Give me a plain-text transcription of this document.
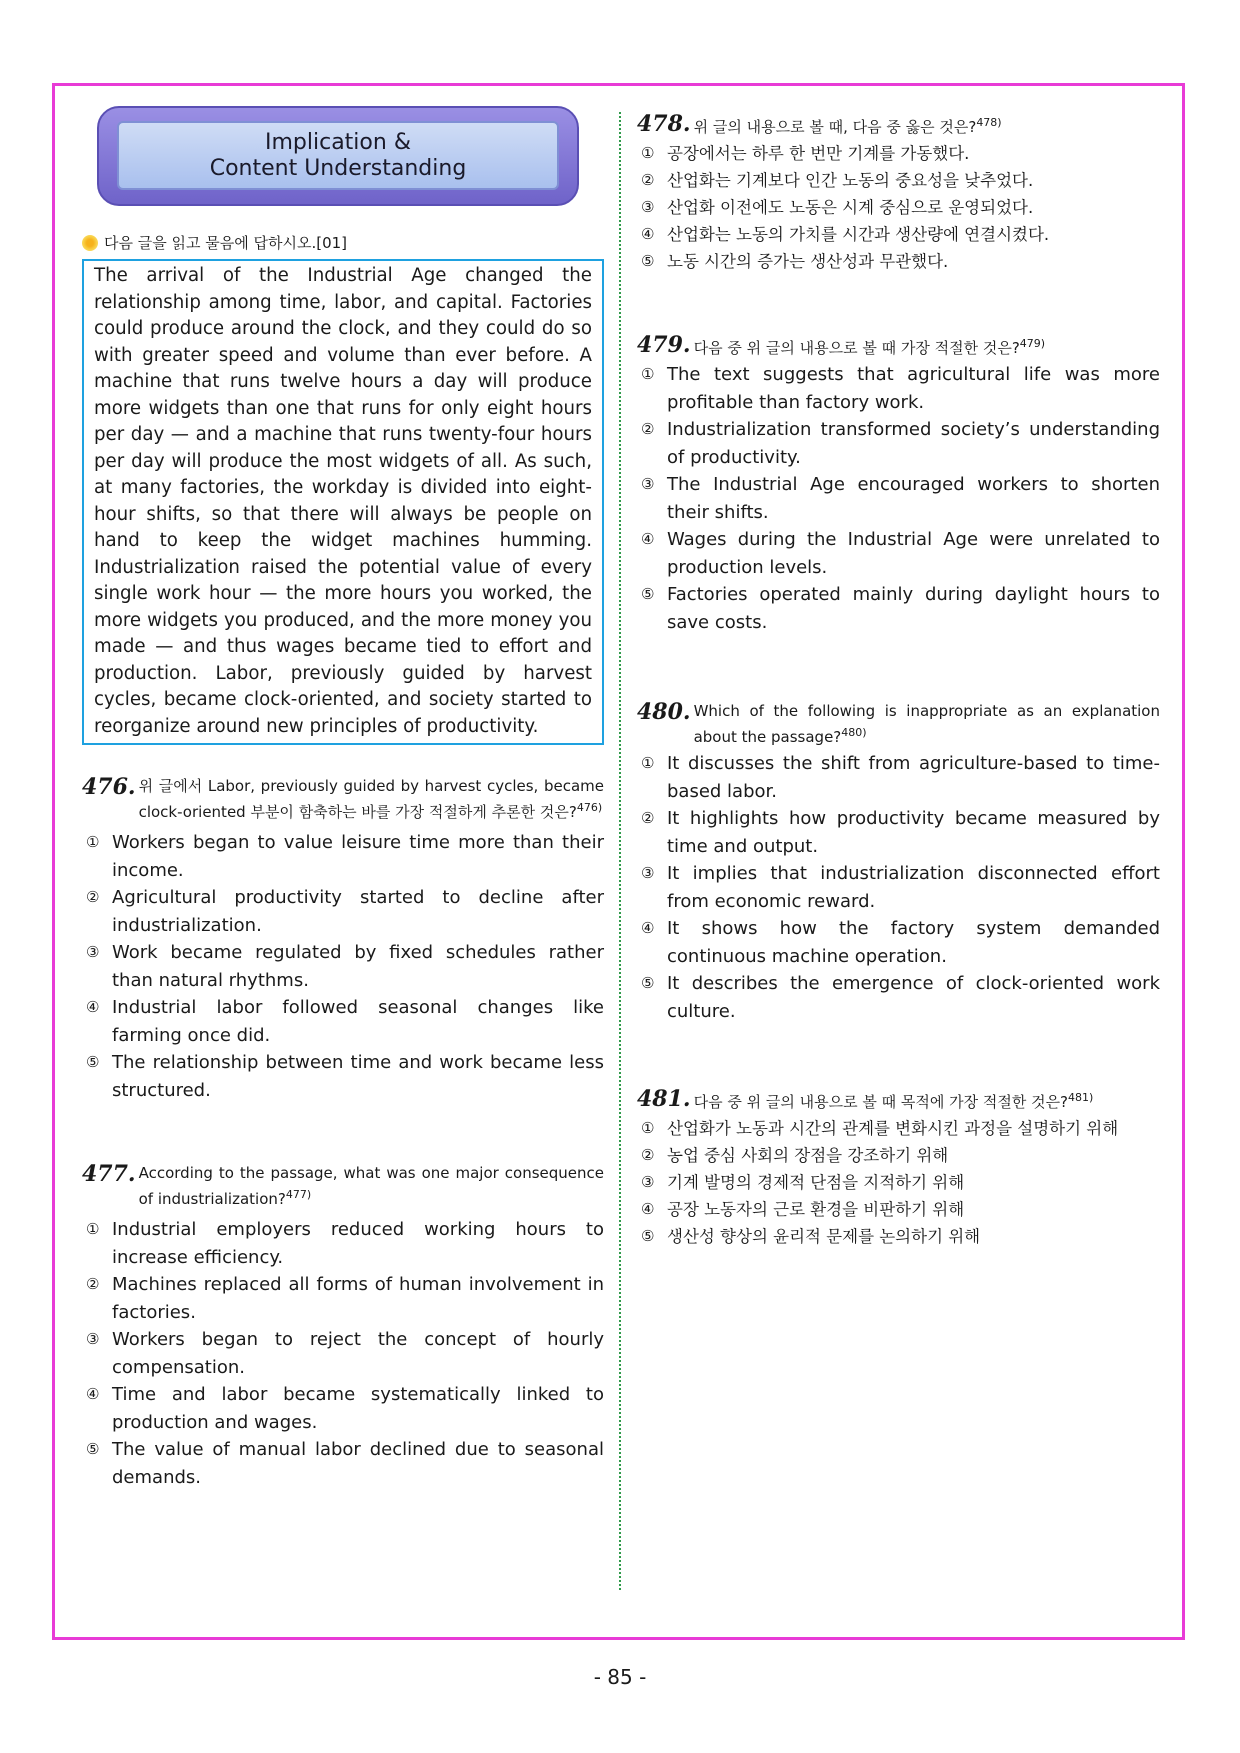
Implication &
Content Understanding
다음 글을 읽고 물음에 답하시오.[01]
The arrival of the Industrial Age changed the relationship among time, labor, and capital. Factories could produce around the clock, and they could do so with greater speed and volume than ever before. A machine that runs twelve hours a day will produce more widgets than one that runs for only eight hours per day — and a machine that runs twenty-four hours per day will produce the most widgets of all. As such, at many factories, the workday is divided into eight-hour shifts, so that there will always be people on hand to keep the widget machines humming. Industrialization raised the potential value of every single work hour — the more hours you worked, the more widgets you produced, and the more money you made — and thus wages became tied to effort and production. Labor, previously guided by harvest cycles, became clock-oriented, and society started to reorganize around new principles of productivity.
476. 위 글에서 Labor, previously guided by harvest cycles, became clock-oriented 부분이 함축하는 바를 가장 적절하게 추론한 것은?$^{476)}$
① Workers began to value leisure time more than their income.
② Agricultural productivity started to decline after industrialization.
③ Work became regulated by fixed schedules rather than natural rhythms.
④ Industrial labor followed seasonal changes like farming once did.
⑤ The relationship between time and work became less structured.
477. According to the passage, what was one major consequence of industrialization?$^{477)}$
① Industrial employers reduced working hours to increase efficiency.
② Machines replaced all forms of human involvement in factories.
③ Workers began to reject the concept of hourly compensation.
④ Time and labor became systematically linked to production and wages.
⑤ The value of manual labor declined due to seasonal demands.
478. 위 글의 내용으로 볼 때, 다음 중 옳은 것은?$^{478)}$
① 공장에서는 하루 한 번만 기계를 가동했다.
② 산업화는 기계보다 인간 노동의 중요성을 낮추었다.
③ 산업화 이전에도 노동은 시계 중심으로 운영되었다.
④ 산업화는 노동의 가치를 시간과 생산량에 연결시켰다.
⑤ 노동 시간의 증가는 생산성과 무관했다.
479. 다음 중 위 글의 내용으로 볼 때 가장 적절한 것은?$^{479)}$
① The text suggests that agricultural life was more profitable than factory work.
② Industrialization transformed society’s understanding of productivity.
③ The Industrial Age encouraged workers to shorten their shifts.
④ Wages during the Industrial Age were unrelated to production levels.
⑤ Factories operated mainly during daylight hours to save costs.
480. Which of the following is inappropriate as an explanation about the passage?$^{480)}$
① It discusses the shift from agriculture-based to time-based labor.
② It highlights how productivity became measured by time and output.
③ It implies that industrialization disconnected effort from economic reward.
④ It shows how the factory system demanded continuous machine operation.
⑤ It describes the emergence of clock-oriented work culture.
481. 다음 중 위 글의 내용으로 볼 때 목적에 가장 적절한 것은?$^{481)}$
① 산업화가 노동과 시간의 관계를 변화시킨 과정을 설명하기 위해
② 농업 중심 사회의 장점을 강조하기 위해
③ 기계 발명의 경제적 단점을 지적하기 위해
④ 공장 노동자의 근로 환경을 비판하기 위해
⑤ 생산성 향상의 윤리적 문제를 논의하기 위해
- 85 -
